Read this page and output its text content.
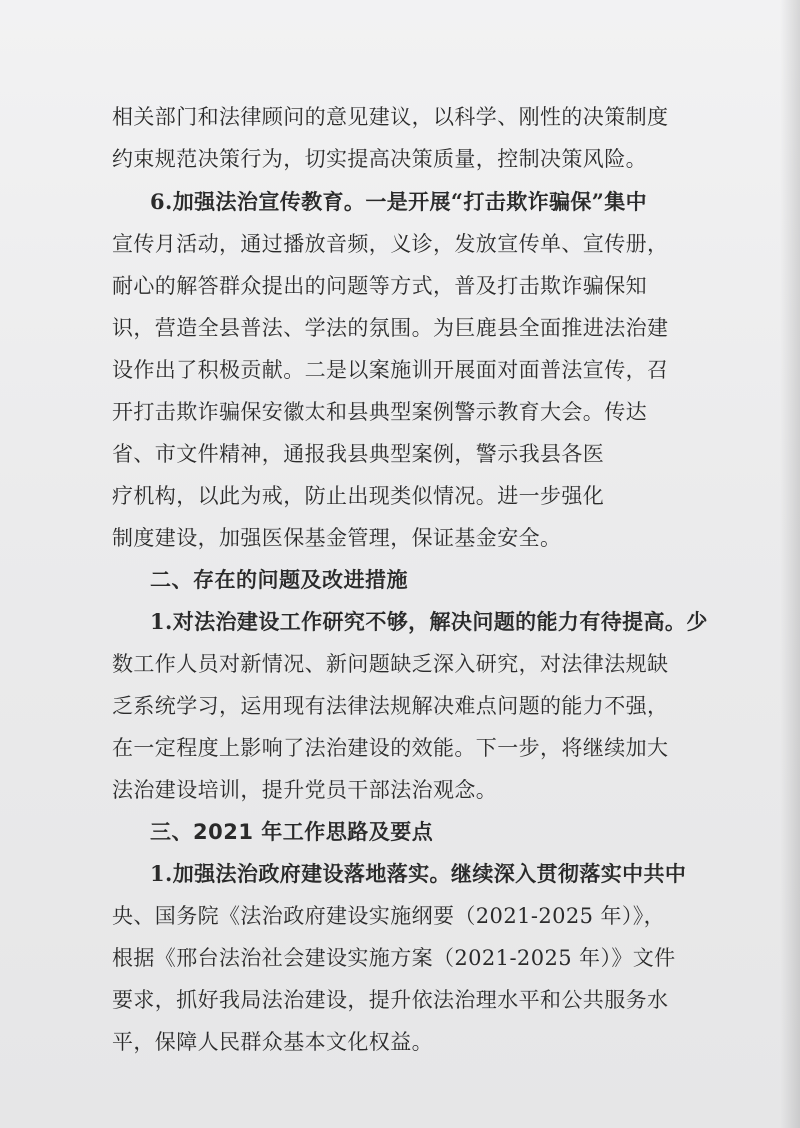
相关部门和法律顾问的意见建议，以科学、刚性的决策制度
约束规范决策行为，切实提高决策质量，控制决策风险。
6.加强法治宣传教育。一是开展“打击欺诈骗保”集中
宣传月活动，通过播放音频，义诊，发放宣传单、宣传册，
耐心的解答群众提出的问题等方式，普及打击欺诈骗保知
识，营造全县普法、学法的氛围。为巨鹿县全面推进法治建
设作出了积极贡献。二是以案施训开展面对面普法宣传，召
开打击欺诈骗保安徽太和县典型案例警示教育大会。传达
省、市文件精神，通报我县典型案例，警示我县各医
疗机构，以此为戒，防止出现类似情况。进一步强化
制度建设，加强医保基金管理，保证基金安全。
二、存在的问题及改进措施
1.对法治建设工作研究不够，解决问题的能力有待提高。少
数工作人员对新情况、新问题缺乏深入研究，对法律法规缺
乏系统学习，运用现有法律法规解决难点问题的能力不强，
在一定程度上影响了法治建设的效能。下一步，将继续加大
法治建设培训，提升党员干部法治观念。
三、2021 年工作思路及要点
1.加强法治政府建设落地落实。继续深入贯彻落实中共中
央、国务院《法治政府建设实施纲要（2021-2025 年）》，
根据《邢台法治社会建设实施方案（2021-2025 年）》文件
要求，抓好我局法治建设，提升依法治理水平和公共服务水
平，保障人民群众基本文化权益。
